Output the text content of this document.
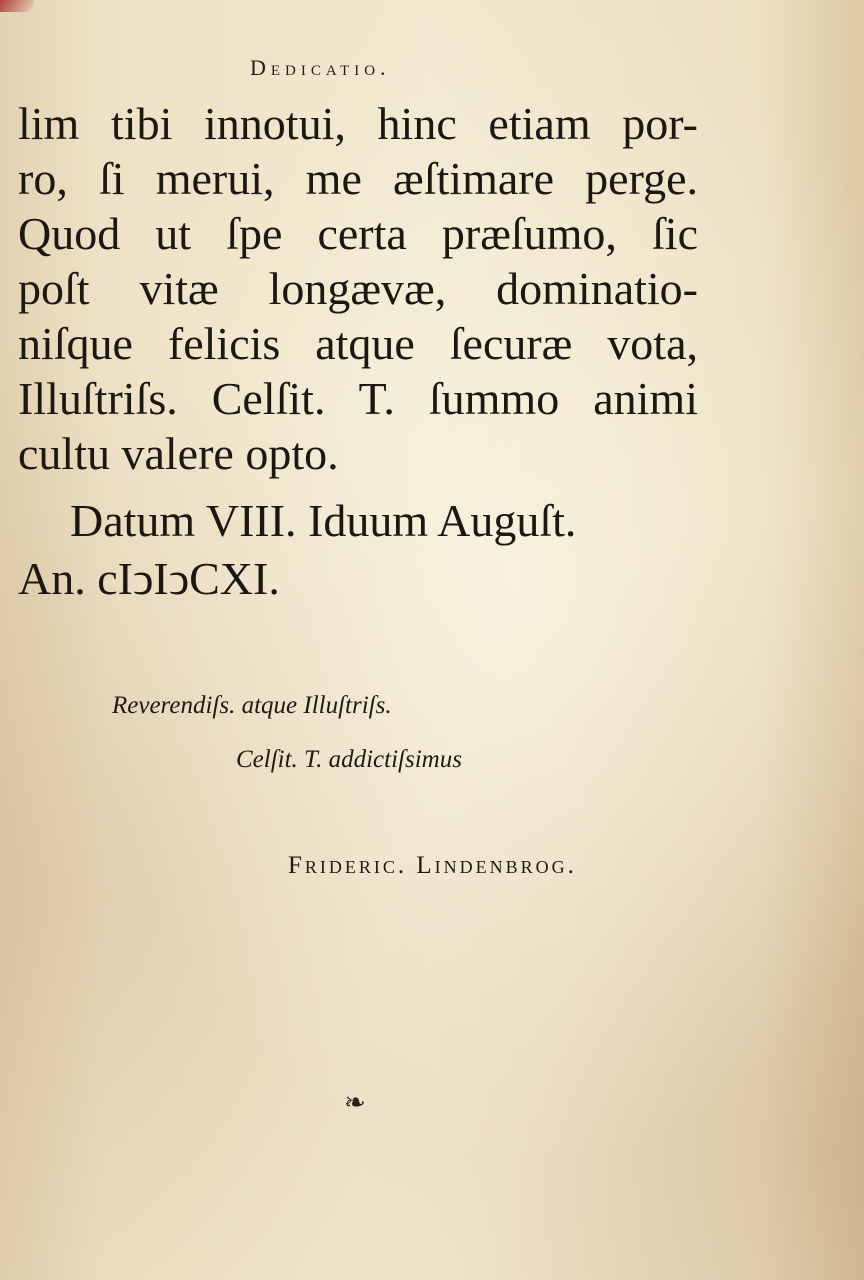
Dedicatio.
lim tibi innotui, hinc etiam por-
ro, ſi merui, me æſtimare perge.
Quod ut ſpe certa præſumo, ſic
poſt vitæ longævæ, dominatio-
niſque felicis atque ſecuræ vota,
Illuſtriſs. Celſit. T. ſummo animi
cultu valere opto.
Datum VIII. Iduum Auguſt.
An. cIↄIↄCXI.
Reverendiſs. atque Illuſtriſs.
Celſit. T. addictiſsimus
Frideric. Lindenbrog.
❧
